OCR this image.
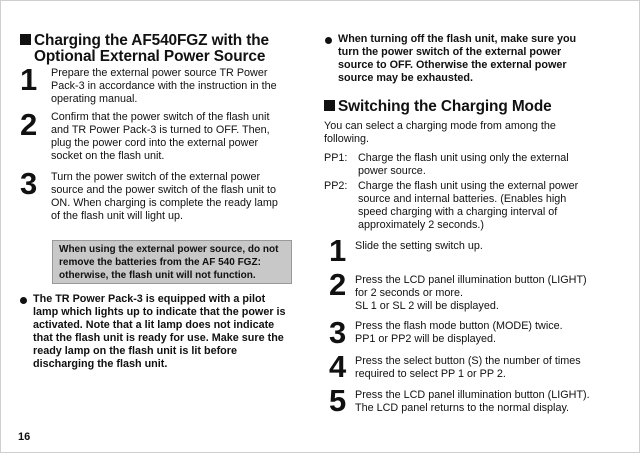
Charging the AF540FGZ with the
Optional External Power Source
1 Prepare the external power source TR Power
Pack-3 in accordance with the instruction in the
operating manual.
2 Confirm that the power switch of the flash unit
and TR Power Pack-3 is turned to OFF. Then,
plug the power cord into the external power
socket on the flash unit.
3 Turn the power switch of the external power
source and the power switch of the flash unit to
ON. When charging is complete the ready lamp
of the flash unit will light up.
When using the external power source, do not
remove the batteries from the AF 540 FGZ:
otherwise, the flash unit will not function.
The TR Power Pack-3 is equipped with a pilot
lamp which lights up to indicate that the power is
activated. Note that a lit lamp does not indicate
that the flash unit is ready for use. Make sure the
ready lamp on the flash unit is lit before
discharging the flash unit.
When turning off the flash unit, make sure you
turn the power switch of the external power
source to OFF. Otherwise the external power
source may be exhausted.
Switching the Charging Mode
You can select a charging mode from among the
following.
PP1: Charge the flash unit using only the external
power source.
PP2: Charge the flash unit using the external power
source and internal batteries. (Enables high
speed charging with a charging interval of
approximately 2 seconds.)
1 Slide the setting switch up.
2 Press the LCD panel illumination button (LIGHT)
for 2 seconds or more.
SL 1 or SL 2 will be displayed.
3 Press the flash mode button (MODE) twice.
PP1 or PP2 will be displayed.
4 Press the select button (S) the number of times
required to select PP 1 or PP 2.
5 Press the LCD panel illumination button (LIGHT).
The LCD panel returns to the normal display.
16
